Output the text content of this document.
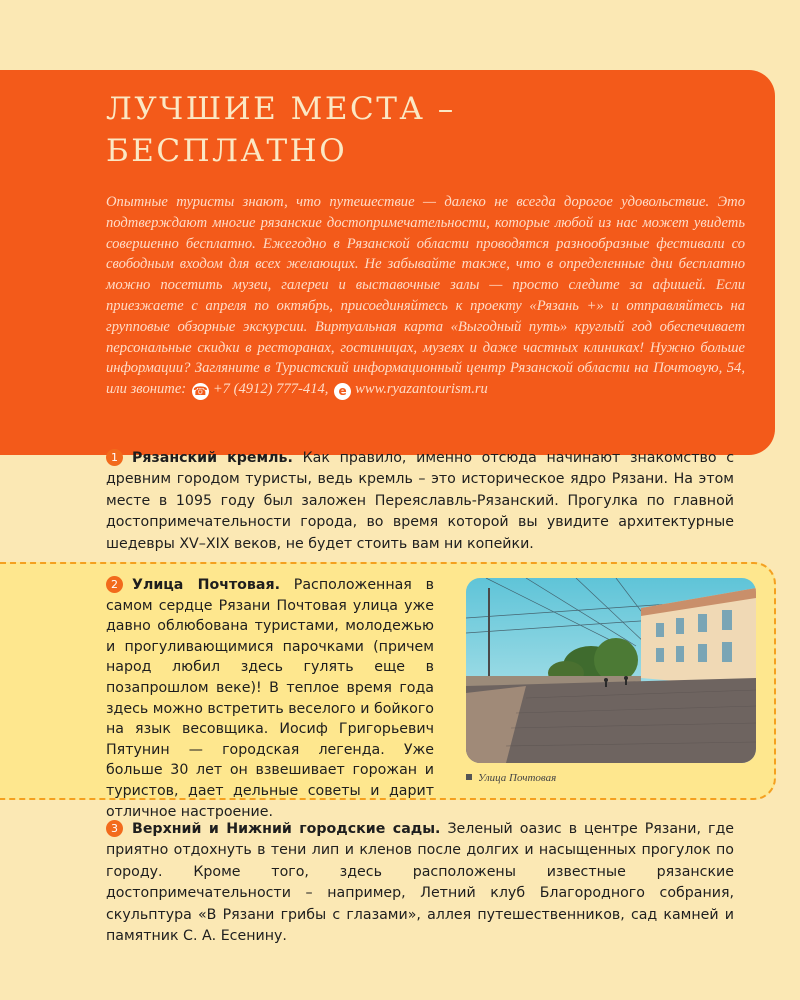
ЛУЧШИЕ МЕСТА –
БЕСПЛАТНО

Опытные туристы знают, что путешествие — далеко не всегда дорогое удовольствие. Это подтверждают многие рязанские достопримечательности, которые любой из нас может увидеть совершенно бесплатно. Ежегодно в Рязанской области проводятся разнообразные фестивали со свободным входом для всех желающих. Не забывайте также, что в определенные дни бесплатно можно посетить музеи, галереи и выставочные залы — просто следите за афишей. Если приезжаете с апреля по октябрь, присоединяйтесь к проекту «Рязань +» и отправляйтесь на групповые обзорные экскурсии. Виртуальная карта «Выгодный путь» круглый год обеспечивает персональные скидки в ресторанах, гостиницах, музеях и даже частных клиниках! Нужно больше информации? Загляните в Туристский информационный центр Рязанской области на Почтовую, 54, или звоните: ☎ +7 (4912) 777-414, e www.ryazantourism.ru

1 Рязанский кремль. Как правило, именно отсюда начинают знакомство с древним городом туристы, ведь кремль – это историческое ядро Рязани. На этом месте в 1095 году был заложен Переяславль-Рязанский. Прогулка по главной достопримечательности города, во время которой вы увидите архитектурные шедевры XV–XIX веков, не будет стоить вам ни копейки.
2 Улица Почтовая. Расположенная в самом сердце Рязани Почтовая улица уже давно облюбована туристами, молодежью и прогуливающимися парочками (причем народ любил здесь гулять еще в позапрошлом веке)! В теплое время года здесь можно встретить веселого и бойкого на язык весовщика. Иосиф Григорьевич Пятунин — городская легенда. Уже больше 30 лет он взвешивает горожан и туристов, дает дельные советы и дарит отличное настроение.
Улица Почтовая
3 Верхний и Нижний городские сады. Зеленый оазис в центре Рязани, где приятно отдохнуть в тени лип и кленов после долгих и насыщенных прогулок по городу. Кроме того, здесь расположены известные рязанские достопримечательности – например, Летний клуб Благородного собрания, скульптура «В Рязани грибы с глазами», аллея путешественников, сад камней и памятник С. А. Есенину.
